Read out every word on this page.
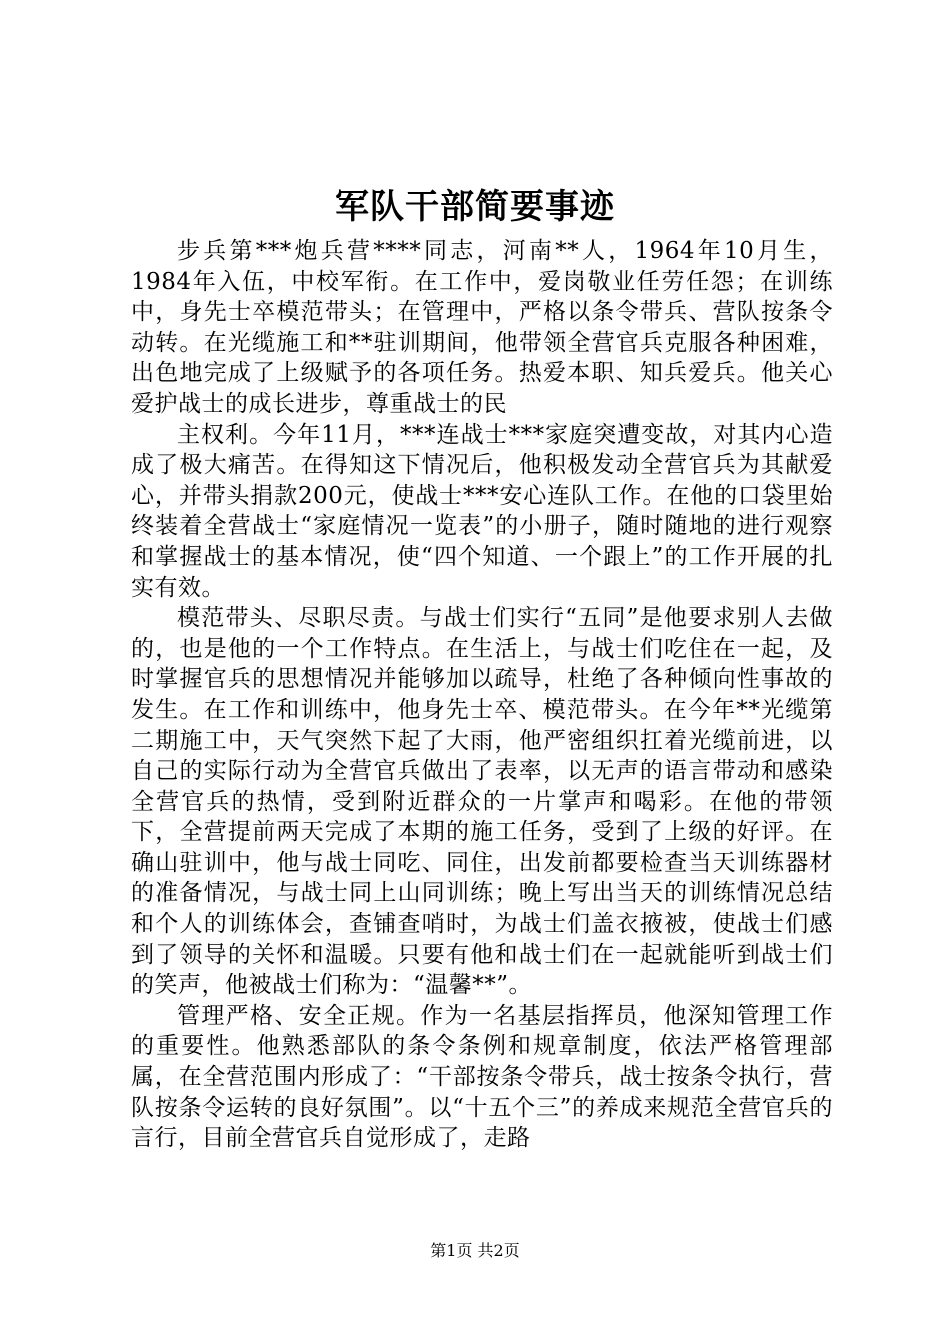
军队干部简要事迹

步兵第***炮兵营****同志，河南**人，1964年10月生，1984年入伍，中校军衔。在工作中，爱岗敬业任劳任怨；在训练中，身先士卒模范带头；在管理中，严格以条令带兵、营队按条令动转。在光缆施工和**驻训期间，他带领全营官兵克服各种困难，出色地完成了上级赋予的各项任务。热爱本职、知兵爱兵。他关心爱护战士的成长进步，尊重战士的民

主权利。今年11月，***连战士***家庭突遭变故，对其内心造成了极大痛苦。在得知这下情况后，他积极发动全营官兵为其献爱心，并带头捐款200元，使战士***安心连队工作。在他的口袋里始终装着全营战士“家庭情况一览表”的小册子，随时随地的进行观察和掌握战士的基本情况，使“四个知道、一个跟上”的工作开展的扎实有效。

模范带头、尽职尽责。与战士们实行“五同”是他要求别人去做的，也是他的一个工作特点。在生活上，与战士们吃住在一起，及时掌握官兵的思想情况并能够加以疏导，杜绝了各种倾向性事故的发生。在工作和训练中，他身先士卒、模范带头。在今年**光缆第二期施工中，天气突然下起了大雨，他严密组织扛着光缆前进，以自己的实际行动为全营官兵做出了表率，以无声的语言带动和感染全营官兵的热情，受到附近群众的一片掌声和喝彩。在他的带领下，全营提前两天完成了本期的施工任务，受到了上级的好评。在确山驻训中，他与战士同吃、同住，出发前都要检查当天训练器材的准备情况，与战士同上山同训练；晚上写出当天的训练情况总结和个人的训练体会，查铺查哨时，为战士们盖衣掖被，使战士们感到了领导的关怀和温暖。只要有他和战士们在一起就能听到战士们的笑声，他被战士们称为：“温馨**”。

管理严格、安全正规。作为一名基层指挥员，他深知管理工作的重要性。他熟悉部队的条令条例和规章制度，依法严格管理部属，在全营范围内形成了：“干部按条令带兵，战士按条令执行，营队按条令运转的良好氛围”。以“十五个三”的养成来规范全营官兵的言行，目前全营官兵自觉形成了，走路

第1页 共2页
